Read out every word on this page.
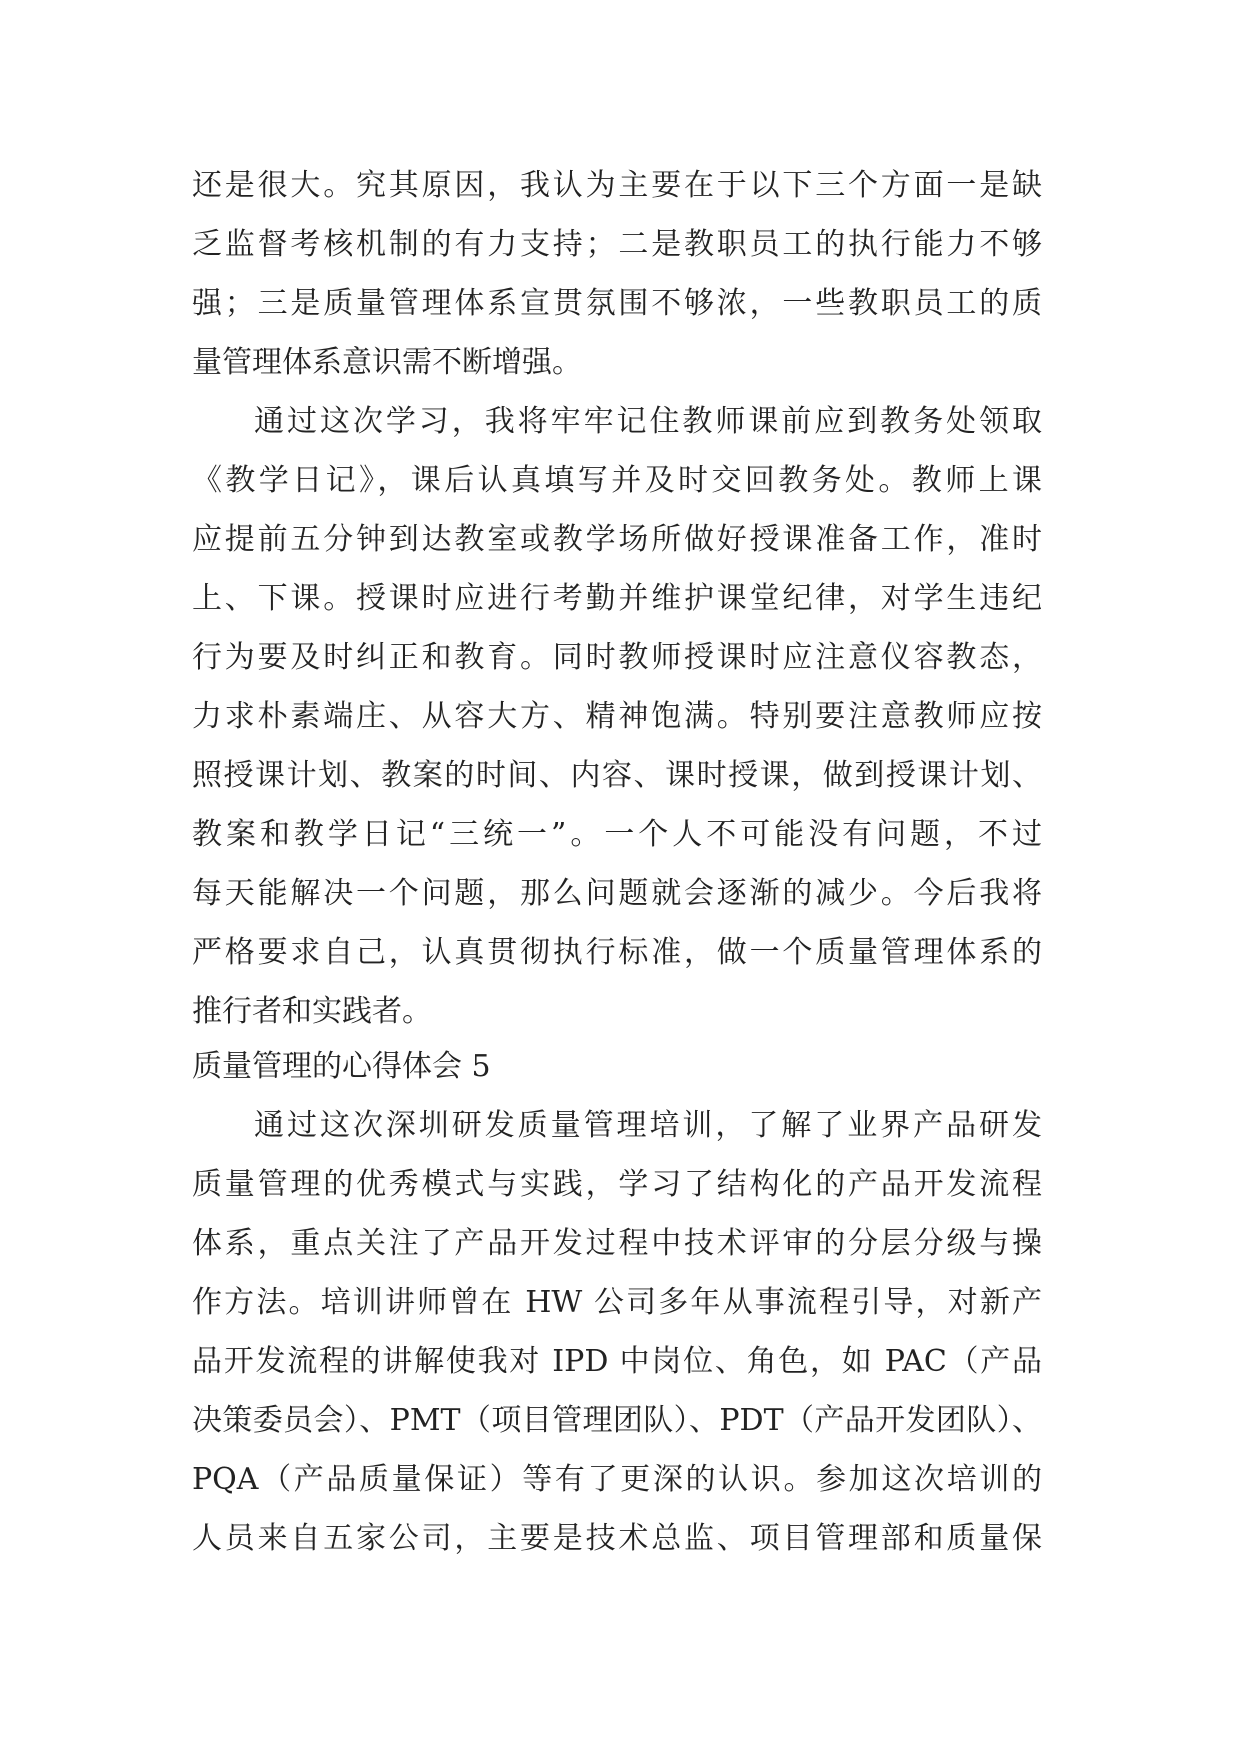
还是很大。究其原因，我认为主要在于以下三个方面一是缺
乏监督考核机制的有力支持；二是教职员工的执行能力不够
强；三是质量管理体系宣贯氛围不够浓，一些教职员工的质
量管理体系意识需不断增强。
通过这次学习，我将牢牢记住教师课前应到教务处领取
《教学日记》，课后认真填写并及时交回教务处。教师上课
应提前五分钟到达教室或教学场所做好授课准备工作，准时
上、下课。授课时应进行考勤并维护课堂纪律，对学生违纪
行为要及时纠正和教育。同时教师授课时应注意仪容教态，
力求朴素端庄、从容大方、精神饱满。特别要注意教师应按
照授课计划、教案的时间、内容、课时授课，做到授课计划、
教案和教学日记“三统一”。一个人不可能没有问题，不过
每天能解决一个问题，那么问题就会逐渐的减少。今后我将
严格要求自己，认真贯彻执行标准，做一个质量管理体系的
推行者和实践者。
质量管理的心得体会 5
通过这次深圳研发质量管理培训，了解了业界产品研发
质量管理的优秀模式与实践，学习了结构化的产品开发流程
体系，重点关注了产品开发过程中技术评审的分层分级与操
作方法。培训讲师曾在 HW 公司多年从事流程引导，对新产
品开发流程的讲解使我对 IPD 中岗位、角色，如 PAC（产品
决策委员会）、PMT（项目管理团队）、PDT（产品开发团队）、
PQA（产品质量保证）等有了更深的认识。参加这次培训的
人员来自五家公司，主要是技术总监、项目管理部和质量保
